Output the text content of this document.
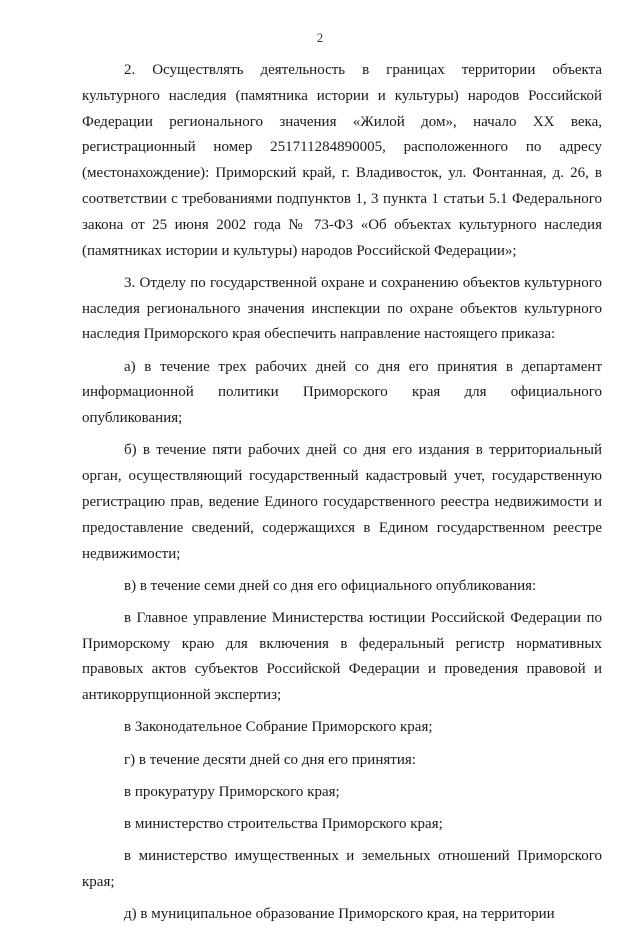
2

2. Осуществлять деятельность в границах территории объекта культурного наследия (памятника истории и культуры) народов Российской Федерации регионального значения «Жилой дом», начало XX века, регистрационный номер 251711284890005, расположенного по адресу (местонахождение): Приморский край, г. Владивосток, ул. Фонтанная, д. 26, в соответствии с требованиями подпунктов 1, 3 пункта 1 статьи 5.1 Федерального закона от 25 июня 2002 года № 73-ФЗ «Об объектах культурного наследия (памятниках истории и культуры) народов Российской Федерации»;

3. Отделу по государственной охране и сохранению объектов культурного наследия регионального значения инспекции по охране объектов культурного наследия Приморского края обеспечить направление настоящего приказа:

а) в течение трех рабочих дней со дня его принятия в департамент информационной политики Приморского края для официального опубликования;

б) в течение пяти рабочих дней со дня его издания в территориальный орган, осуществляющий государственный кадастровый учет, государственную регистрацию прав, ведение Единого государственного реестра недвижимости и предоставление сведений, содержащихся в Едином государственном реестре недвижимости;

в) в течение семи дней со дня его официального опубликования:

в Главное управление Министерства юстиции Российской Федерации по Приморскому краю для включения в федеральный регистр нормативных правовых актов субъектов Российской Федерации и проведения правовой и антикоррупционной экспертиз;

в Законодательное Собрание Приморского края;

г) в течение десяти дней со дня его принятия:

в прокуратуру Приморского края;

в министерство строительства Приморского края;

в министерство имущественных и земельных отношений Приморского края;

д) в муниципальное образование Приморского края, на территории
